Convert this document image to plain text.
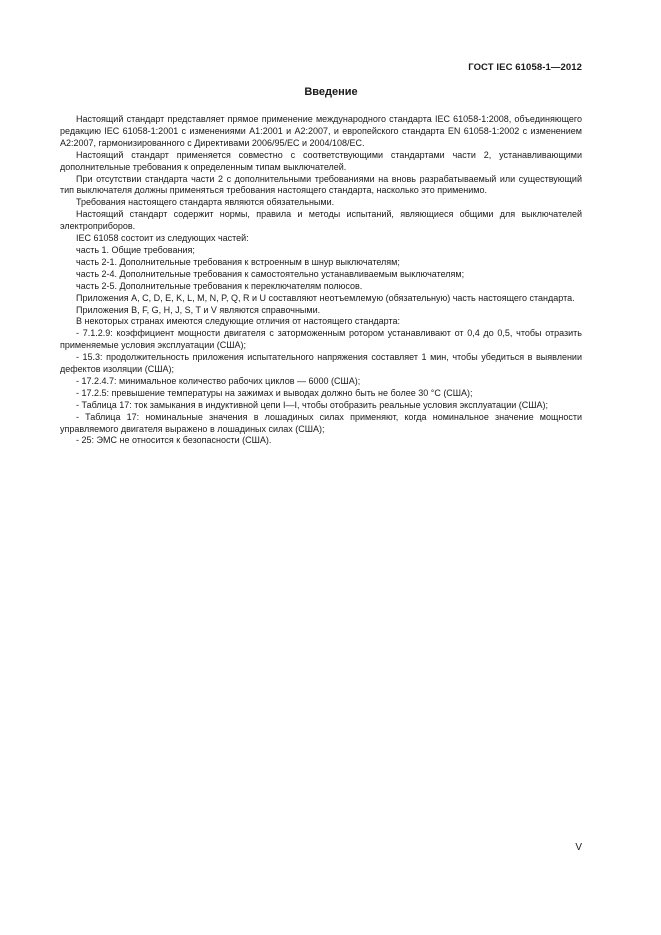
ГОСТ IEC 61058-1—2012
Введение

Настоящий стандарт представляет прямое применение международного стандарта IEC 61058-1:2008, объединяющего редакцию IEC 61058-1:2001 с изменениями А1:2001 и А2:2007, и европейского стандарта EN 61058-1:2002 с изменением А2:2007, гармонизированного с Директивами 2006/95/ЕС и 2004/108/ЕС.

Настоящий стандарт применяется совместно с соответствующими стандартами части 2, устанавливающими дополнительные требования к определенным типам выключателей.

При отсутствии стандарта части 2 с дополнительными требованиями на вновь разрабатываемый или существующий тип выключателя должны применяться требования настоящего стандарта, насколько это применимо.

Требования настоящего стандарта являются обязательными.

Настоящий стандарт содержит нормы, правила и методы испытаний, являющиеся общими для выключателей электроприборов.

IEC 61058 состоит из следующих частей:

часть 1. Общие требования;

часть 2-1. Дополнительные требования к встроенным в шнур выключателям;

часть 2-4. Дополнительные требования к самостоятельно устанавливаемым выключателям;

часть 2-5. Дополнительные требования к переключателям полюсов.

Приложения А, С, D, E, K, L, M, N, P, Q, R и U составляют неотъемлемую (обязательную) часть настоящего стандарта.

Приложения В, F, G, H, J, S, T и V являются справочными.

В некоторых странах имеются следующие отличия от настоящего стандарта:

- 7.1.2.9: коэффициент мощности двигателя с заторможенным ротором устанавливают от 0,4 до 0,5, чтобы отразить применяемые условия эксплуатации (США);

- 15.3: продолжительность приложения испытательного напряжения составляет 1 мин, чтобы убедиться в выявлении дефектов изоляции (США);

- 17.2.4.7: минимальное количество рабочих циклов — 6000 (США);

- 17.2.5: превышение температуры на зажимах и выводах должно быть не более 30 °С (США);

- Таблица 17: ток замыкания в индуктивной цепи I—I, чтобы отобразить реальные условия эксплуатации (США);

- Таблица 17: номинальные значения в лошадиных силах применяют, когда номинальное значение мощности управляемого двигателя выражено в лошадиных силах (США);

- 25: ЭМС не относится к безопасности (США).

V
